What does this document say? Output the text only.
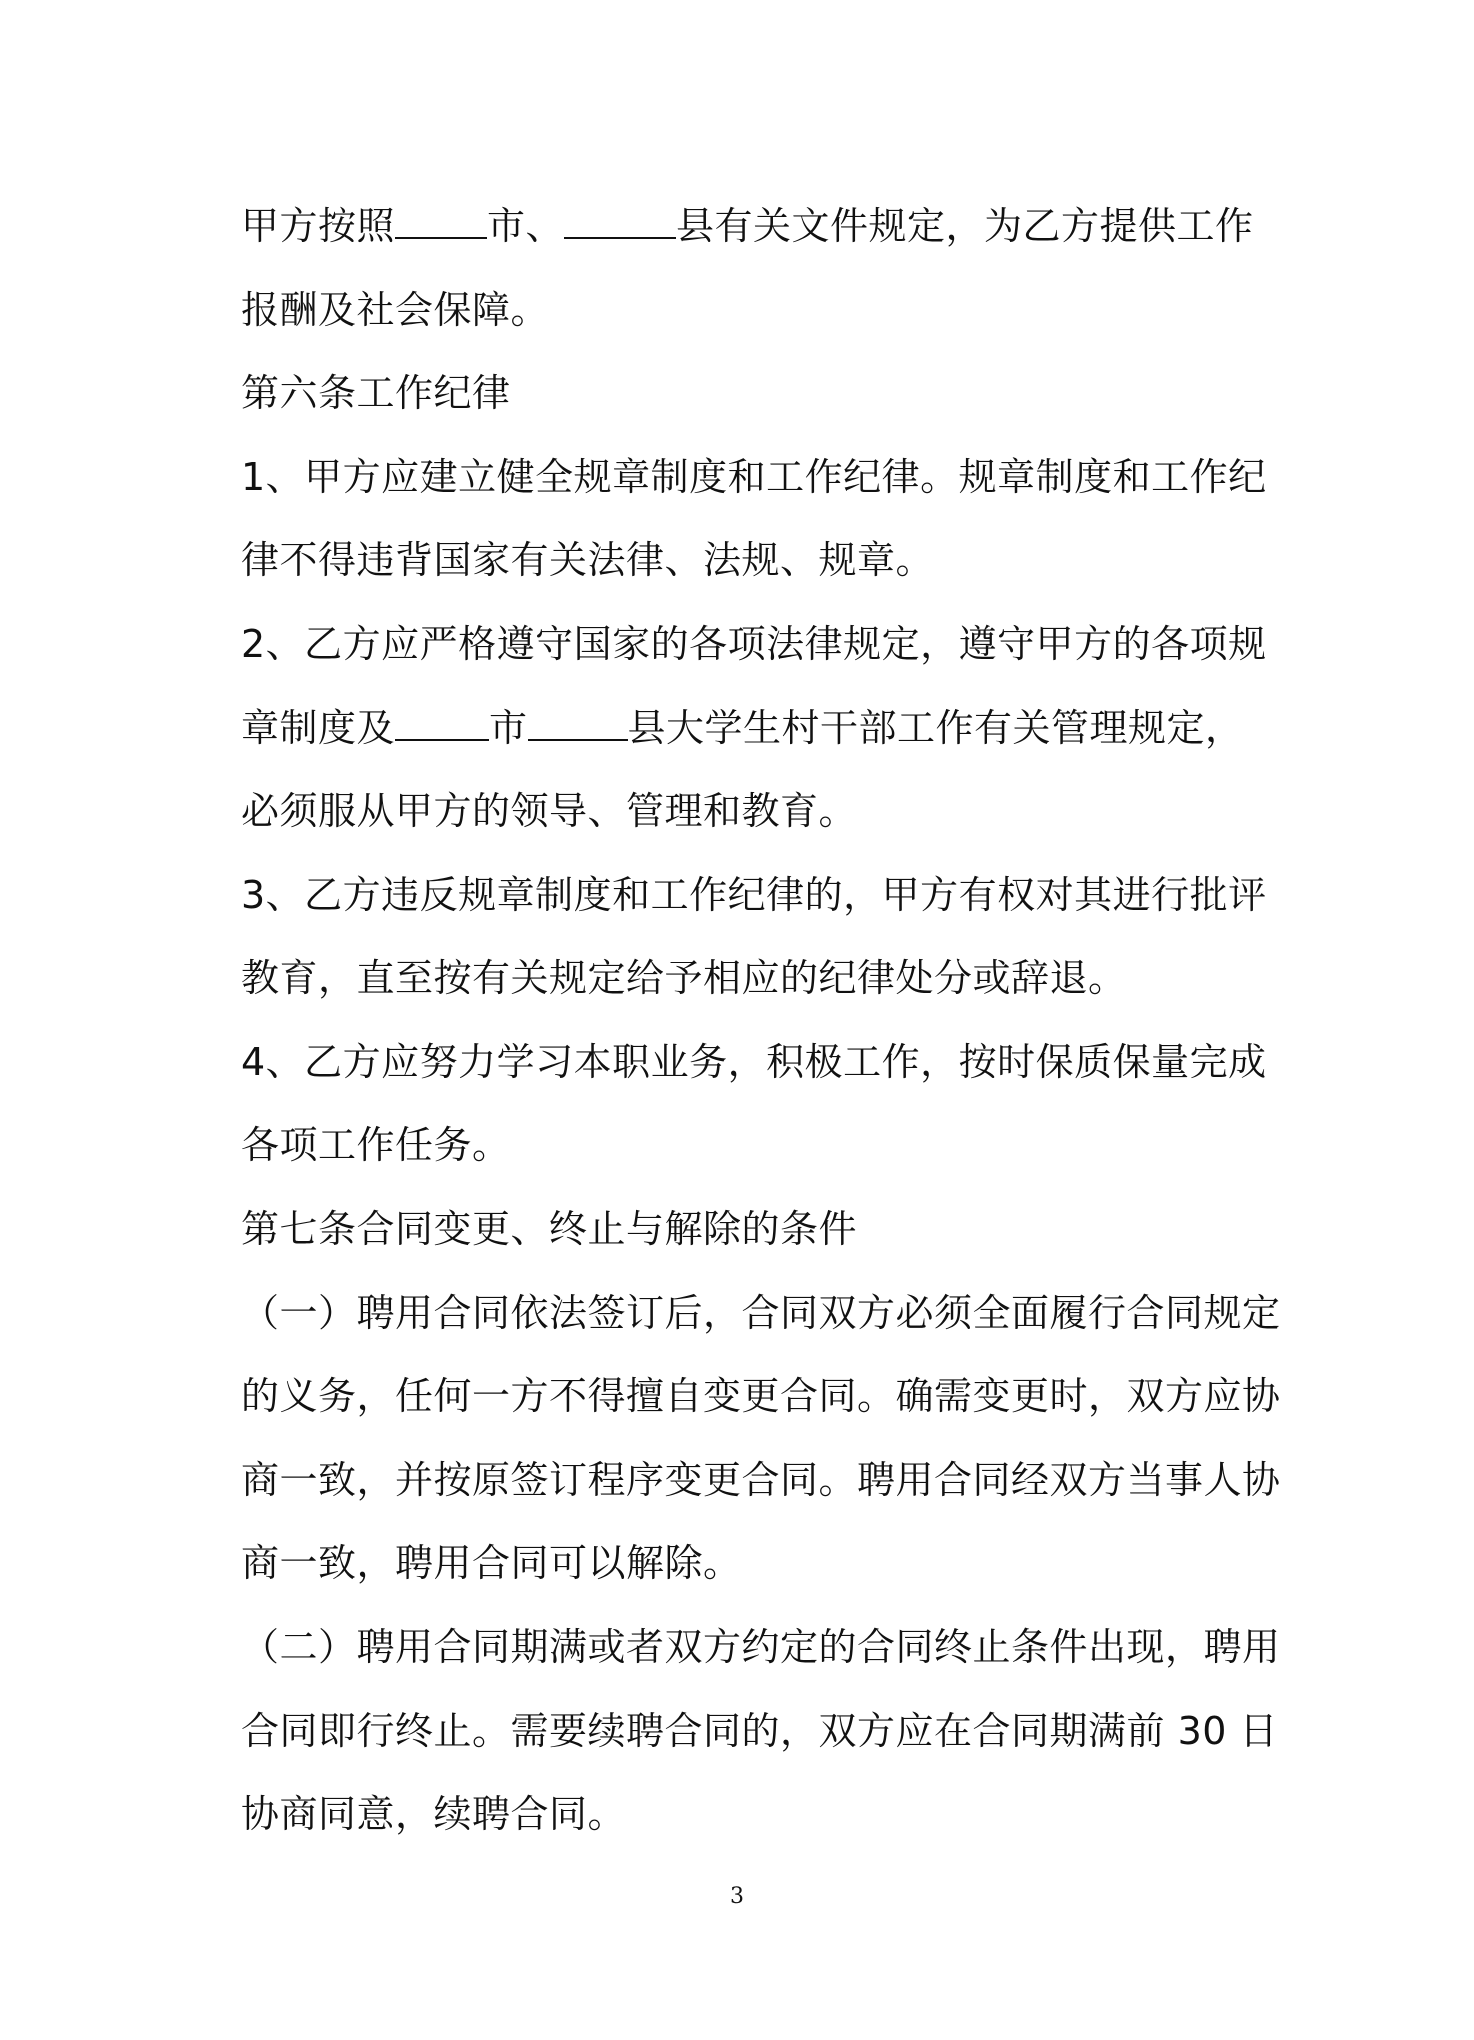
甲方按照 市、	县有关文件规定，为乙方提供工作
报酬及社会保障。
第六条工作纪律
1、甲方应建立健全规章制度和工作纪律。规章制度和工作纪
律不得违背国家有关法律、法规、规章。
2、乙方应严格遵守国家的各项法律规定，遵守甲方的各项规
章制度及 市	县大学生村干部工作有关管理规定，
必须服从甲方的领导、管理和教育。
3、乙方违反规章制度和工作纪律的，甲方有权对其进行批评
教育，直至按有关规定给予相应的纪律处分或辞退。
4、乙方应努力学习本职业务，积极工作，按时保质保量完成
各项工作任务。
第七条合同变更、终止与解除的条件
（一）聘用合同依法签订后，合同双方必须全面履行合同规定
的义务，任何一方不得擅自变更合同。确需变更时，双方应协
商一致，并按原签订程序变更合同。聘用合同经双方当事人协
商一致，聘用合同可以解除。
（二）聘用合同期满或者双方约定的合同终止条件出现，聘用
合同即行终止。需要续聘合同的，双方应在合同期满前 30 日
协商同意，续聘合同。
3
